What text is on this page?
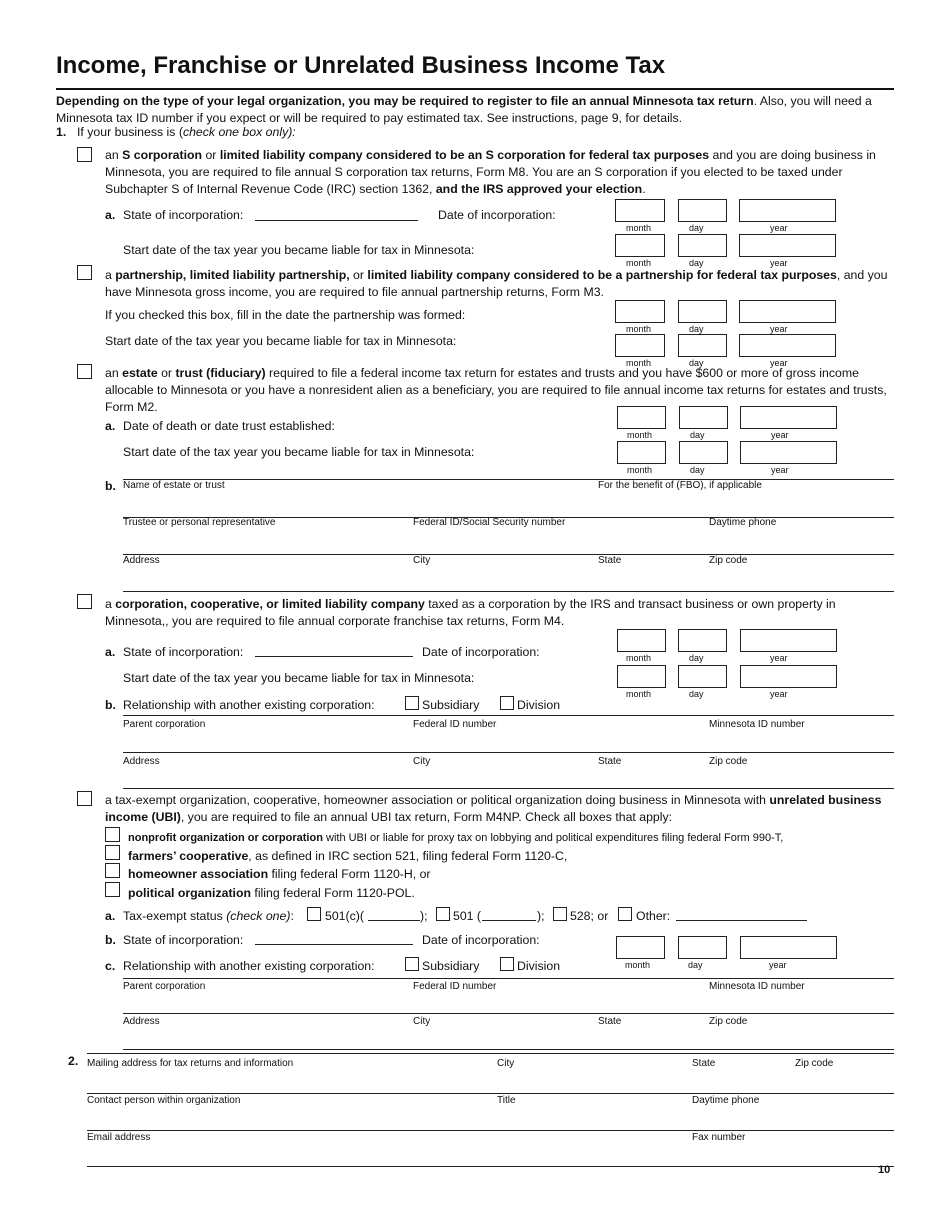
Income, Franchise or Unrelated Business Income Tax
Depending on the type of your legal organization, you may be required to register to file an annual Minnesota tax return. Also, you will need a Minnesota tax ID number if you expect or will be required to pay estimated tax. See instructions, page 9, for details.
1. If your business is (check one box only):
an S corporation or limited liability company considered to be an S corporation for federal tax purposes and you are doing business in Minnesota, you are required to file annual S corporation tax returns, Form M8. You are an S corporation if you elected to be taxed under Subchapter S of Internal Revenue Code (IRC) section 1362, and the IRS approved your election.
a. State of incorporation:	Date of incorporation:
month	day	year
Start date of the tax year you became liable for tax in Minnesota:
month	day	year
a partnership, limited liability partnership, or limited liability company considered to be a partnership for federal tax purposes, and you have Minnesota gross income, you are required to file annual partnership returns, Form M3.
If you checked this box, fill in the date the partnership was formed:
month	day	year
Start date of the tax year you became liable for tax in Minnesota:
month	day	year
an estate or trust (fiduciary) required to file a federal income tax return for estates and trusts and you have $600 or more of gross income allocable to Minnesota or you have a nonresident alien as a beneficiary, you are required to file annual income tax returns for estates and trusts, Form M2.
a. Date of death or date trust established:
month	day	year
Start date of the tax year you became liable for tax in Minnesota:
month	day	year
b. Name of estate or trust	For the benefit of (FBO), if applicable
Trustee or personal representative	Federal ID/Social Security number	Daytime phone
Address	City	State	Zip code
a corporation, cooperative, or limited liability company taxed as a corporation by the IRS and transact business or own property in Minnesota,, you are required to file annual corporate franchise tax returns, Form M4.
a. State of incorporation:	Date of incorporation:	month	day	year
Start date of the tax year you became liable for tax in Minnesota:
month	day	year
b. Relationship with another existing corporation:	Subsidiary	Division
Parent corporation	Federal ID number	Minnesota ID number
Address	City	State	Zip code
a tax-exempt organization, cooperative, homeowner association or political organization doing business in Minnesota with unrelated business income (UBI), you are required to file an annual UBI tax return, Form M4NP. Check all boxes that apply:
nonprofit organization or corporation with UBI or liable for proxy tax on lobbying and political expenditures filing federal Form 990-T,
farmers’ cooperative, as defined in IRC section 521, filing federal Form 1120-C,
homeowner association filing federal Form 1120-H, or
political organization filing federal Form 1120-POL.
a. Tax-exempt status (check one):	501(c)(	); 501 (	); 528; or Other:
b. State of incorporation:	Date of incorporation:
month	day	year
c. Relationship with another existing corporation:	Subsidiary	Division
Parent corporation	Federal ID number	Minnesota ID number
Address	City	State	Zip code
2. Mailing address for tax returns and information	City	State	Zip code
Contact person within organization	Title	Daytime phone
Email address	Fax number
10
